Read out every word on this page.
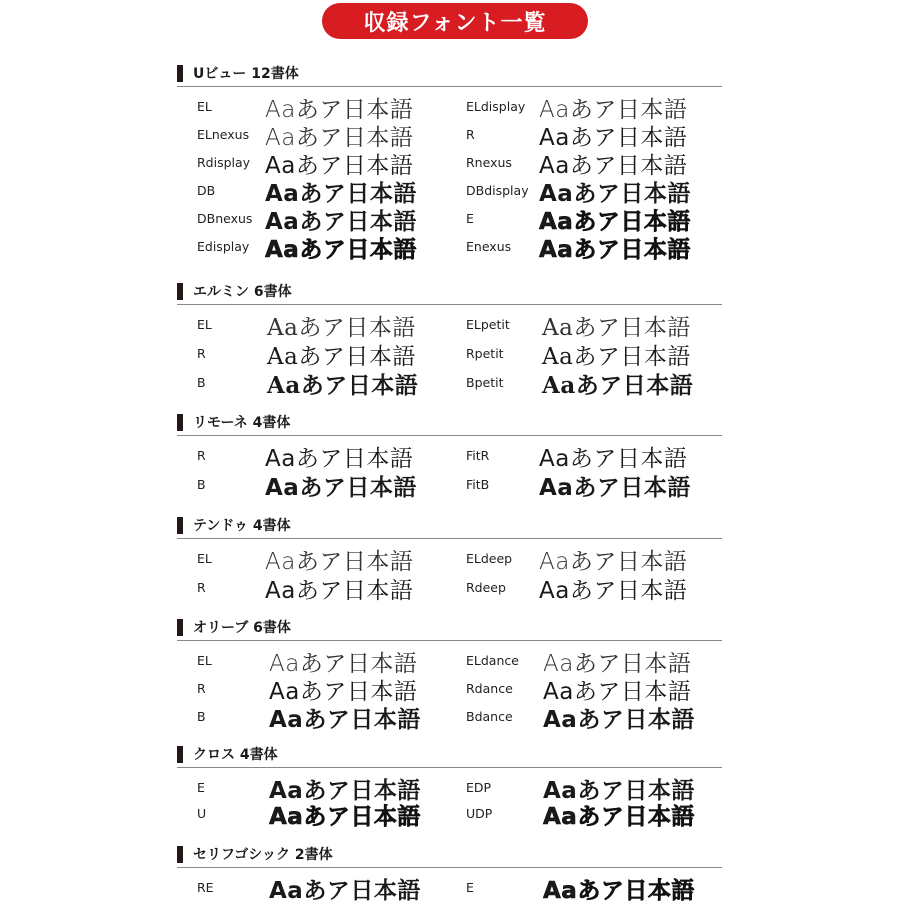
収録フォント一覧
Uビュー 12書体
EL Aaあア日本語	ELdisplay Aaあア日本語
ELnexus Aaあア日本語	R	Aaあア日本語
Rdisplay Aaあア日本語	Rnexus Aaあア日本語
DB Aaあア日本語	DBdisplay Aaあア日本語
DBnexus Aaあア日本語	E	Aaあア日本語
Edisplay Aaあア日本語	Enexus Aaあア日本語
エルミン 6書体
EL Aaあア日本語	ELpetit Aaあア日本語
R	Aaあア日本語	Rpetit Aaあア日本語
B	Aaあア日本語	Bpetit Aaあア日本語
リモーネ 4書体
R	Aaあア日本語	FitR Aaあア日本語
B	Aaあア日本語	FitB Aaあア日本語
テンドゥ 4書体
EL Aaあア日本語	ELdeep Aaあア日本語
R	Aaあア日本語	Rdeep Aaあア日本語
オリーブ 6書体
EL Aaあア日本語	ELdance Aaあア日本語
R	Aaあア日本語	Rdance Aaあア日本語
B	Aaあア日本語	Bdance Aaあア日本語
クロス 4書体
E	Aaあア日本語	EDP Aaあア日本語
U	Aaあア日本語	UDP Aaあア日本語
セリフゴシック 2書体
RE Aaあア日本語	E	Aaあア日本語
